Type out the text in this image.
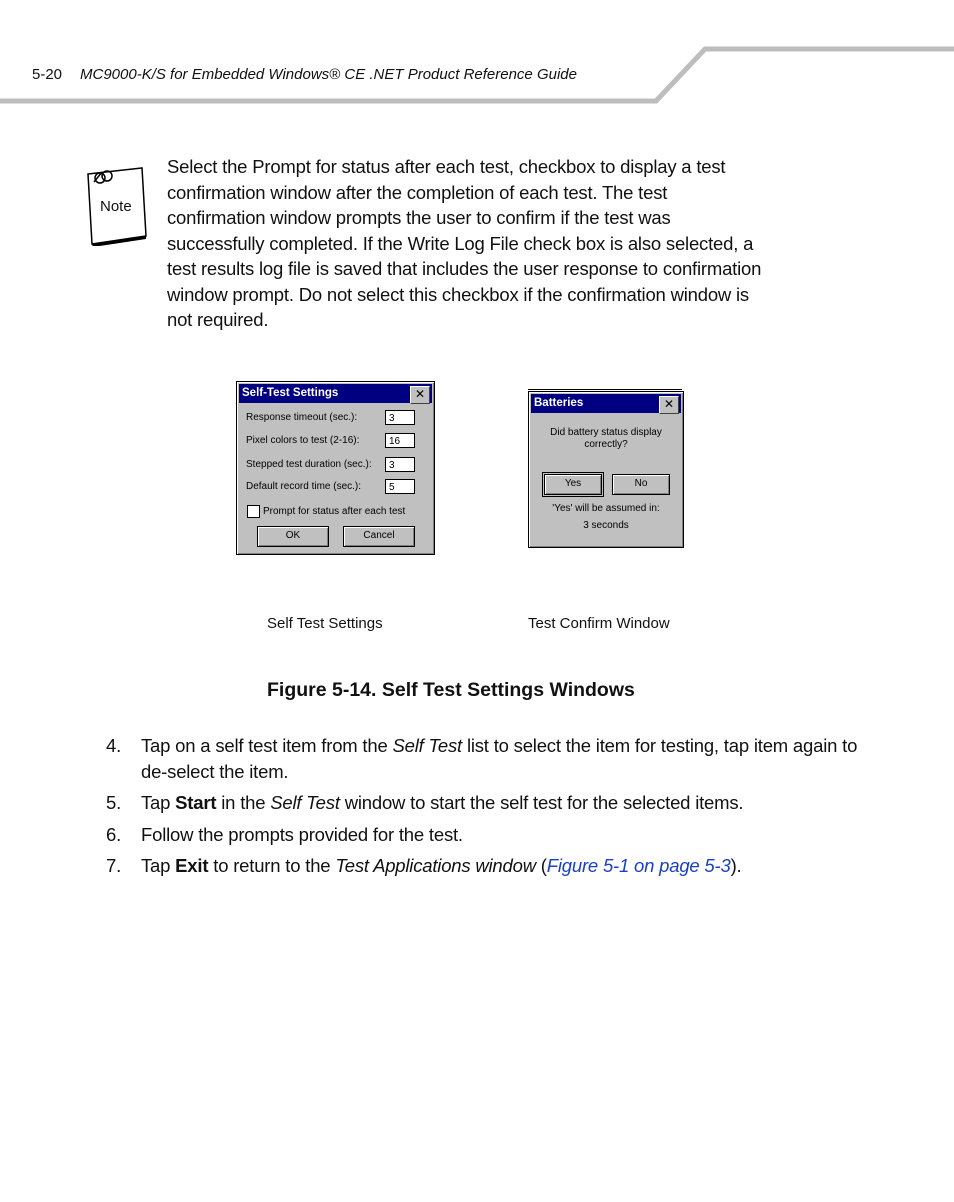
5-20 MC9000-K/S for Embedded Windows® CE .NET Product Reference Guide
Note
Select the Prompt for status after each test, checkbox to display a test confirmation window after the completion of each test. The test confirmation window prompts the user to confirm if the test was successfully completed. If the Write Log File check box is also selected, a test results log file is saved that includes the user response to confirmation window prompt. Do not select this checkbox if the confirmation window is not required.
Self-Test Settings	✕
Response timeout (sec.):	3
Pixel colors to test (2-16):	16
Stepped test duration (sec.):	3
Default record time (sec.):	5
Prompt for status after each test
OK	Cancel
Self Test Settings
Batteries	✕
Did battery status display
correctly?
Yes	No
'Yes' will be assumed in:
3 seconds
Test Confirm Window
Figure 5-14. Self Test Settings Windows
4. Tap on a self test item from the Self Test list to select the item for testing, tap item again to de-select the item.
5. Tap Start in the Self Test window to start the self test for the selected items.
6. Follow the prompts provided for the test.
7. Tap Exit to return to the Test Applications window (Figure 5-1 on page 5-3).
